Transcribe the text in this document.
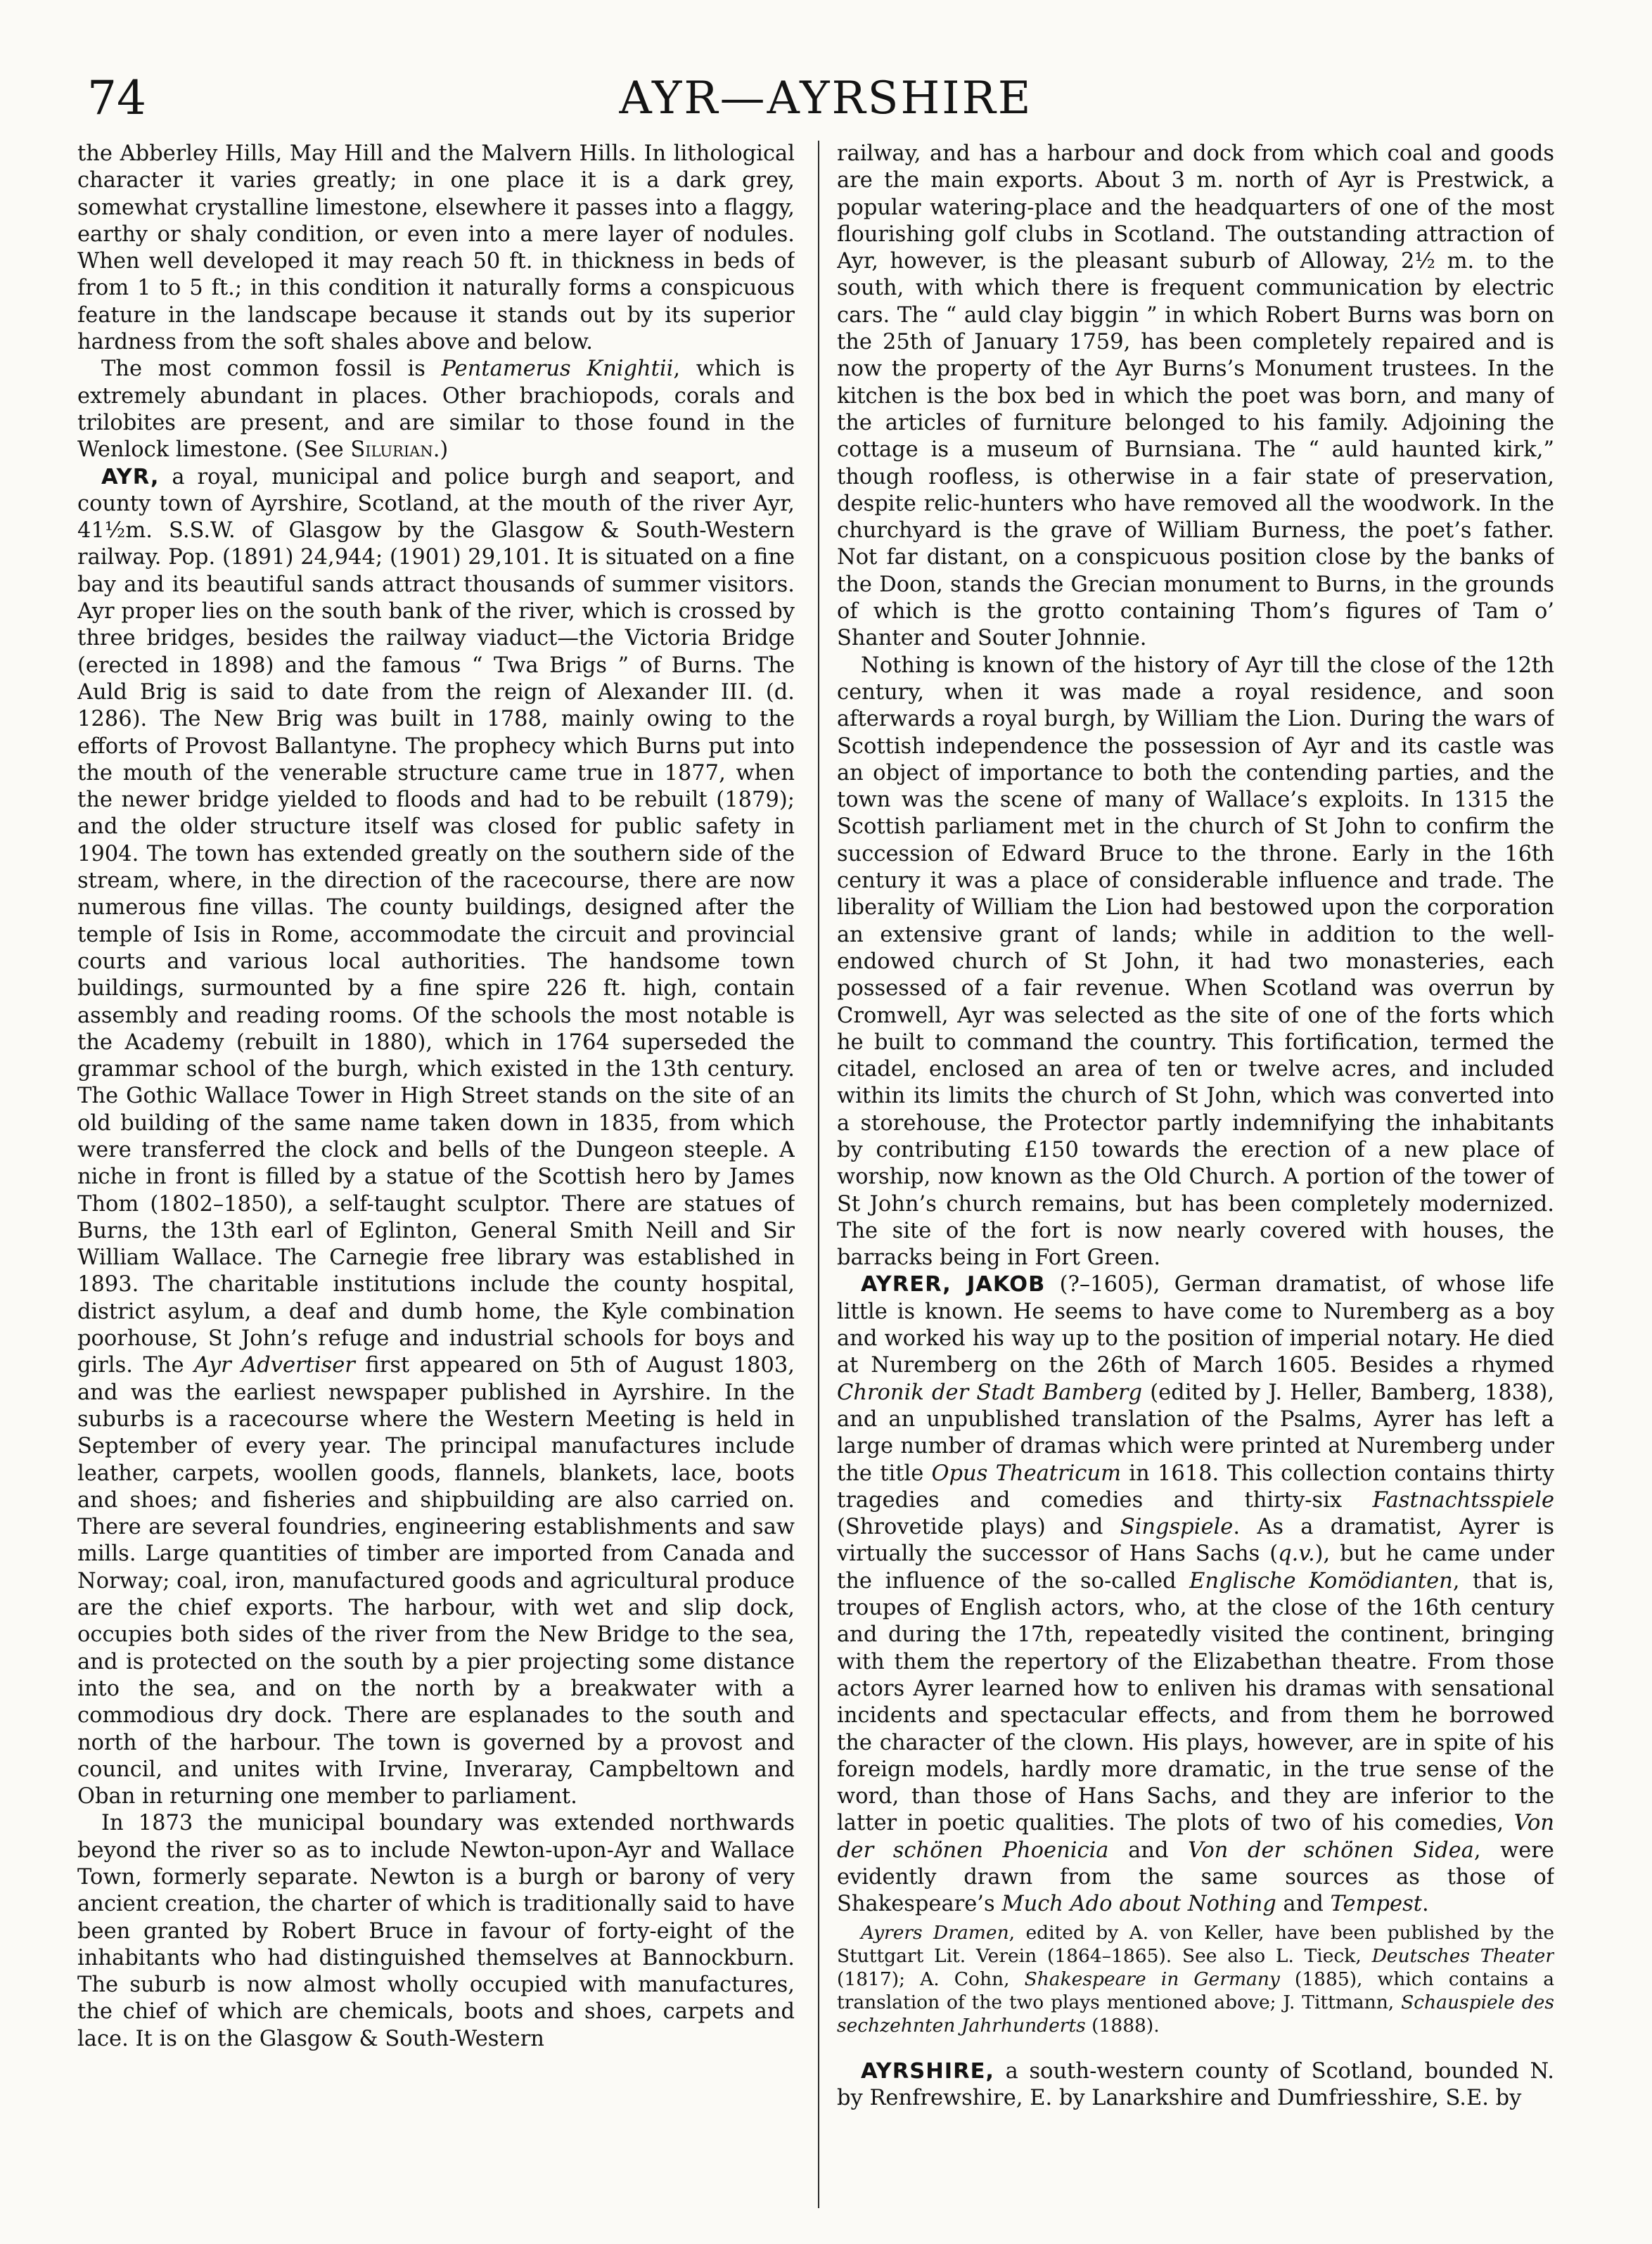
74	AYR—AYRSHIRE

the Abberley Hills, May Hill and the Malvern Hills. In lithological character it varies greatly; in one place it is a dark grey, somewhat crystalline limestone, elsewhere it passes into a flaggy, earthy or shaly condition, or even into a mere layer of nodules. When well developed it may reach 50 ft. in thickness in beds of from 1 to 5 ft.; in this condition it naturally forms a conspicuous feature in the landscape because it stands out by its superior hardness from the soft shales above and below.

The most common fossil is Pentamerus Knightii, which is extremely abundant in places. Other brachiopods, corals and trilobites are present, and are similar to those found in the Wenlock limestone. (See Silurian.)

AYR, a royal, municipal and police burgh and seaport, and county town of Ayrshire, Scotland, at the mouth of the river Ayr, 41½m. S.S.W. of Glasgow by the Glasgow & South-Western railway. Pop. (1891) 24,944; (1901) 29,101. It is situated on a fine bay and its beautiful sands attract thousands of summer visitors. Ayr proper lies on the south bank of the river, which is crossed by three bridges, besides the railway viaduct—the Victoria Bridge (erected in 1898) and the famous “ Twa Brigs ” of Burns. The Auld Brig is said to date from the reign of Alexander III. (d. 1286). The New Brig was built in 1788, mainly owing to the efforts of Provost Ballantyne. The prophecy which Burns put into the mouth of the venerable structure came true in 1877, when the newer bridge yielded to floods and had to be rebuilt (1879); and the older structure itself was closed for public safety in 1904. The town has extended greatly on the southern side of the stream, where, in the direction of the racecourse, there are now numerous fine villas. The county buildings, designed after the temple of Isis in Rome, accommodate the circuit and provincial courts and various local authorities. The handsome town buildings, surmounted by a fine spire 226 ft. high, contain assembly and reading rooms. Of the schools the most notable is the Academy (rebuilt in 1880), which in 1764 superseded the grammar school of the burgh, which existed in the 13th century. The Gothic Wallace Tower in High Street stands on the site of an old building of the same name taken down in 1835, from which were transferred the clock and bells of the Dungeon steeple. A niche in front is filled by a statue of the Scottish hero by James Thom (1802–1850), a self-taught sculptor. There are statues of Burns, the 13th earl of Eglinton, General Smith Neill and Sir William Wallace. The Carnegie free library was established in 1893. The charitable institutions include the county hospital, district asylum, a deaf and dumb home, the Kyle combination poorhouse, St John’s refuge and industrial schools for boys and girls. The Ayr Advertiser first appeared on 5th of August 1803, and was the earliest newspaper published in Ayrshire. In the suburbs is a racecourse where the Western Meeting is held in September of every year. The principal manufactures include leather, carpets, woollen goods, flannels, blankets, lace, boots and shoes; and fisheries and shipbuilding are also carried on. There are several foundries, engineering establishments and saw mills. Large quantities of timber are imported from Canada and Norway; coal, iron, manufactured goods and agricultural produce are the chief exports. The harbour, with wet and slip dock, occupies both sides of the river from the New Bridge to the sea, and is protected on the south by a pier projecting some distance into the sea, and on the north by a breakwater with a commodious dry dock. There are esplanades to the south and north of the harbour. The town is governed by a provost and council, and unites with Irvine, Inveraray, Campbeltown and Oban in returning one member to parliament.

In 1873 the municipal boundary was extended northwards beyond the river so as to include Newton-upon-Ayr and Wallace Town, formerly separate. Newton is a burgh or barony of very ancient creation, the charter of which is traditionally said to have been granted by Robert Bruce in favour of forty-eight of the inhabitants who had distinguished themselves at Bannockburn. The suburb is now almost wholly occupied with manufactures, the chief of which are chemicals, boots and shoes, carpets and lace. It is on the Glasgow & South-Western

railway, and has a harbour and dock from which coal and goods are the main exports. About 3 m. north of Ayr is Prestwick, a popular watering-place and the headquarters of one of the most flourishing golf clubs in Scotland. The outstanding attraction of Ayr, however, is the pleasant suburb of Alloway, 2½ m. to the south, with which there is frequent communication by electric cars. The “ auld clay biggin ” in which Robert Burns was born on the 25th of January 1759, has been completely repaired and is now the property of the Ayr Burns’s Monument trustees. In the kitchen is the box bed in which the poet was born, and many of the articles of furniture belonged to his family. Adjoining the cottage is a museum of Burnsiana. The “ auld haunted kirk,” though roofless, is otherwise in a fair state of preservation, despite relic-hunters who have removed all the woodwork. In the churchyard is the grave of William Burness, the poet’s father. Not far distant, on a conspicuous position close by the banks of the Doon, stands the Grecian monument to Burns, in the grounds of which is the grotto containing Thom’s figures of Tam o’ Shanter and Souter Johnnie.

Nothing is known of the history of Ayr till the close of the 12th century, when it was made a royal residence, and soon afterwards a royal burgh, by William the Lion. During the wars of Scottish independence the possession of Ayr and its castle was an object of importance to both the contending parties, and the town was the scene of many of Wallace’s exploits. In 1315 the Scottish parliament met in the church of St John to confirm the succession of Edward Bruce to the throne. Early in the 16th century it was a place of considerable influence and trade. The liberality of William the Lion had bestowed upon the corporation an extensive grant of lands; while in addition to the well-endowed church of St John, it had two monasteries, each possessed of a fair revenue. When Scotland was overrun by Cromwell, Ayr was selected as the site of one of the forts which he built to command the country. This fortification, termed the citadel, enclosed an area of ten or twelve acres, and included within its limits the church of St John, which was converted into a storehouse, the Protector partly indemnifying the inhabitants by contributing £150 towards the erection of a new place of worship, now known as the Old Church. A portion of the tower of St John’s church remains, but has been completely modernized. The site of the fort is now nearly covered with houses, the barracks being in Fort Green.

AYRER, JAKOB (?–1605), German dramatist, of whose life little is known. He seems to have come to Nuremberg as a boy and worked his way up to the position of imperial notary. He died at Nuremberg on the 26th of March 1605. Besides a rhymed Chronik der Stadt Bamberg (edited by J. Heller, Bamberg, 1838), and an unpublished translation of the Psalms, Ayrer has left a large number of dramas which were printed at Nuremberg under the title Opus Theatricum in 1618. This collection contains thirty tragedies and comedies and thirty-six Fastnachtsspiele (Shrovetide plays) and Singspiele. As a dramatist, Ayrer is virtually the successor of Hans Sachs (q.v.), but he came under the influence of the so-called Englische Komödianten, that is, troupes of English actors, who, at the close of the 16th century and during the 17th, repeatedly visited the continent, bringing with them the repertory of the Elizabethan theatre. From those actors Ayrer learned how to enliven his dramas with sensational incidents and spectacular effects, and from them he borrowed the character of the clown. His plays, however, are in spite of his foreign models, hardly more dramatic, in the true sense of the word, than those of Hans Sachs, and they are inferior to the latter in poetic qualities. The plots of two of his comedies, Von der schönen Phoenicia and Von der schönen Sidea, were evidently drawn from the same sources as those of Shakespeare’s Much Ado about Nothing and Tempest.

Ayrers Dramen, edited by A. von Keller, have been published by the Stuttgart Lit. Verein (1864–1865). See also L. Tieck, Deutsches Theater (1817); A. Cohn, Shakespeare in Germany (1885), which contains a translation of the two plays mentioned above; J. Tittmann, Schauspiele des sechzehnten Jahrhunderts (1888).

AYRSHIRE, a south-western county of Scotland, bounded N. by Renfrewshire, E. by Lanarkshire and Dumfriesshire, S.E. by
